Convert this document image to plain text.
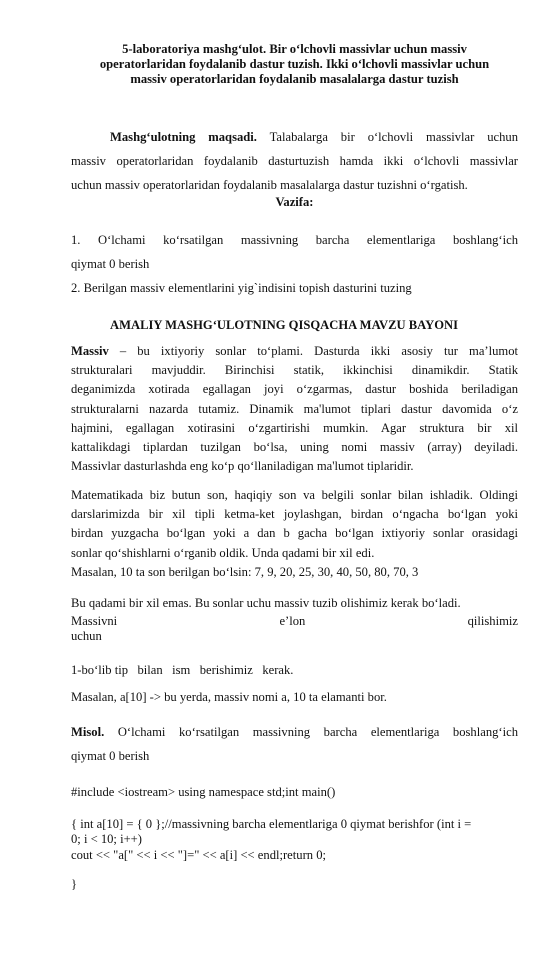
5-laboratoriya mashg‘ulot. Bir o‘lchovli massivlar uchun massiv
operatorlaridan foydalanib dastur tuzish. Ikki o‘lchovli massivlar uchun
massiv operatorlaridan foydalanib masalalarga dastur tuzish
Mashg‘ulotning maqsadi. Talabalarga bir o‘lchovli massivlar uchun
massiv operatorlaridan foydalanib dasturtuzish hamda ikki o‘lchovli massivlar
uchun massiv operatorlaridan foydalanib masalalarga dastur tuzishni o‘rgatish.
Vazifa:
1. O‘lchami ko‘rsatilgan massivning barcha elementlariga boshlang‘ich
qiymat 0 berish
2. Berilgan massiv elementlarini yig`indisini topish dasturini tuzing
AMALIY MASHG‘ULOTNING QISQACHA MAVZU BAYONI
Massiv – bu ixtiyoriy sonlar to‘plami. Dasturda ikki asosiy tur ma’lumot
strukturalari mavjuddir. Birinchisi statik, ikkinchisi dinamikdir. Statik
deganimizda xotirada egallagan joyi o‘zgarmas, dastur boshida beriladigan
strukturalarni nazarda tutamiz. Dinamik ma'lumot tiplari dastur davomida o‘z
hajmini, egallagan xotirasini o‘zgartirishi mumkin. Agar struktura bir xil
kattalikdagi tiplardan tuzilgan bo‘lsa, uning nomi massiv (array) deyiladi.
Massivlar dasturlashda eng ko‘p qo‘llaniladigan ma'lumot tiplaridir.
Matematikada biz butun son, haqiqiy son va belgili sonlar bilan ishladik. Oldingi
darslarimizda bir xil tipli ketma-ket joylashgan, birdan o‘ngacha bo‘lgan yoki
birdan yuzgacha bo‘lgan yoki a dan b gacha bo‘lgan ixtiyoriy sonlar orasidagi
sonlar qo‘shishlarni o‘rganib oldik. Unda qadami bir xil edi.
Masalan, 10 ta son berilgan bo‘lsin: 7, 9, 20, 25, 30, 40, 50, 80, 70, 3
Bu qadami bir xil emas. Bu sonlar uchu massiv tuzib olishimiz kerak bo‘ladi.
Massivni	e’lon	qilishimiz
uchun
1-bo‘lib tip   bilan   ism   berishimiz   kerak.
Masalan, a[10] -> bu yerda, massiv nomi a, 10 ta elamanti bor.
Misol. O‘lchami ko‘rsatilgan massivning barcha elementlariga boshlang‘ich
qiymat 0 berish
#include <iostream> using namespace std;int main()
{ int a[10] = { 0 };//massivning barcha elementlariga 0 qiymat berishfor (int i =
0; i < 10; i++)
cout << "a[" << i << "]=" << a[i] << endl;return 0;
}
